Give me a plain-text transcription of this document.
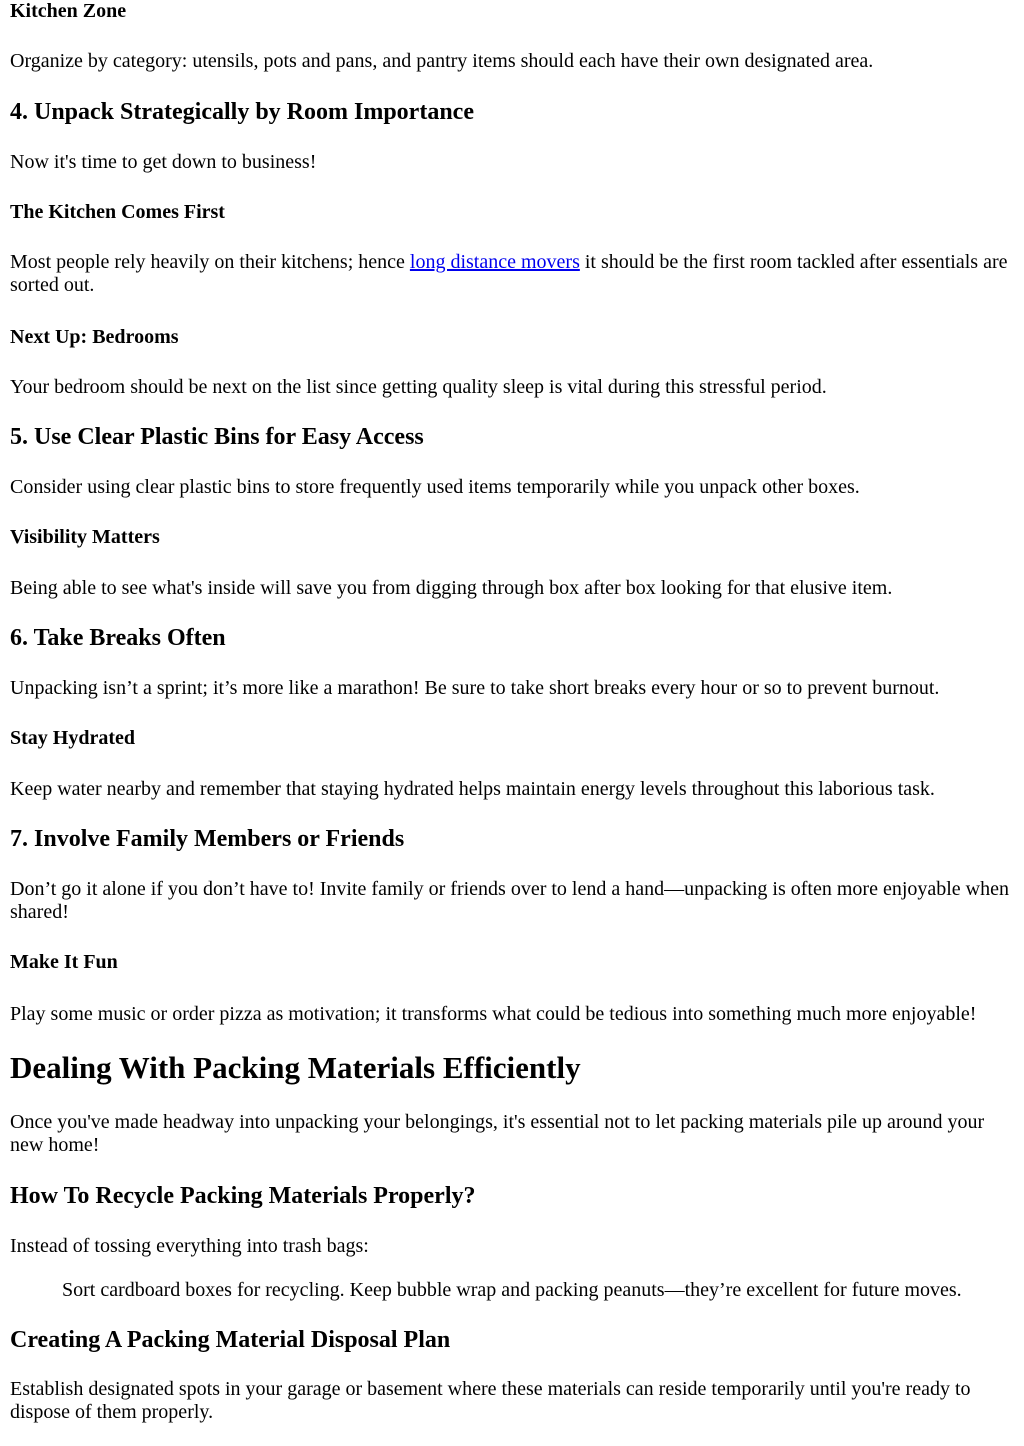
Kitchen Zone

Organize by category: utensils, pots and pans, and pantry items should each have their own designated area.

4. Unpack Strategically by Room Importance

Now it's time to get down to business!

The Kitchen Comes First

Most people rely heavily on their kitchens; hence long distance movers it should be the first room tackled after essentials are sorted out.

Next Up: Bedrooms

Your bedroom should be next on the list since getting quality sleep is vital during this stressful period.

5. Use Clear Plastic Bins for Easy Access

Consider using clear plastic bins to store frequently used items temporarily while you unpack other boxes.

Visibility Matters

Being able to see what's inside will save you from digging through box after box looking for that elusive item.

6. Take Breaks Often

Unpacking isn’t a sprint; it’s more like a marathon! Be sure to take short breaks every hour or so to prevent burnout.

Stay Hydrated

Keep water nearby and remember that staying hydrated helps maintain energy levels throughout this laborious task.

7. Involve Family Members or Friends

Don’t go it alone if you don’t have to! Invite family or friends over to lend a hand—unpacking is often more enjoyable when shared!

Make It Fun

Play some music or order pizza as motivation; it transforms what could be tedious into something much more enjoyable!

Dealing With Packing Materials Efficiently

Once you've made headway into unpacking your belongings, it's essential not to let packing materials pile up around your new home!

How To Recycle Packing Materials Properly?

Instead of tossing everything into trash bags:

Sort cardboard boxes for recycling. Keep bubble wrap and packing peanuts—they’re excellent for future moves.

Creating A Packing Material Disposal Plan

Establish designated spots in your garage or basement where these materials can reside temporarily until you're ready to dispose of them properly.
